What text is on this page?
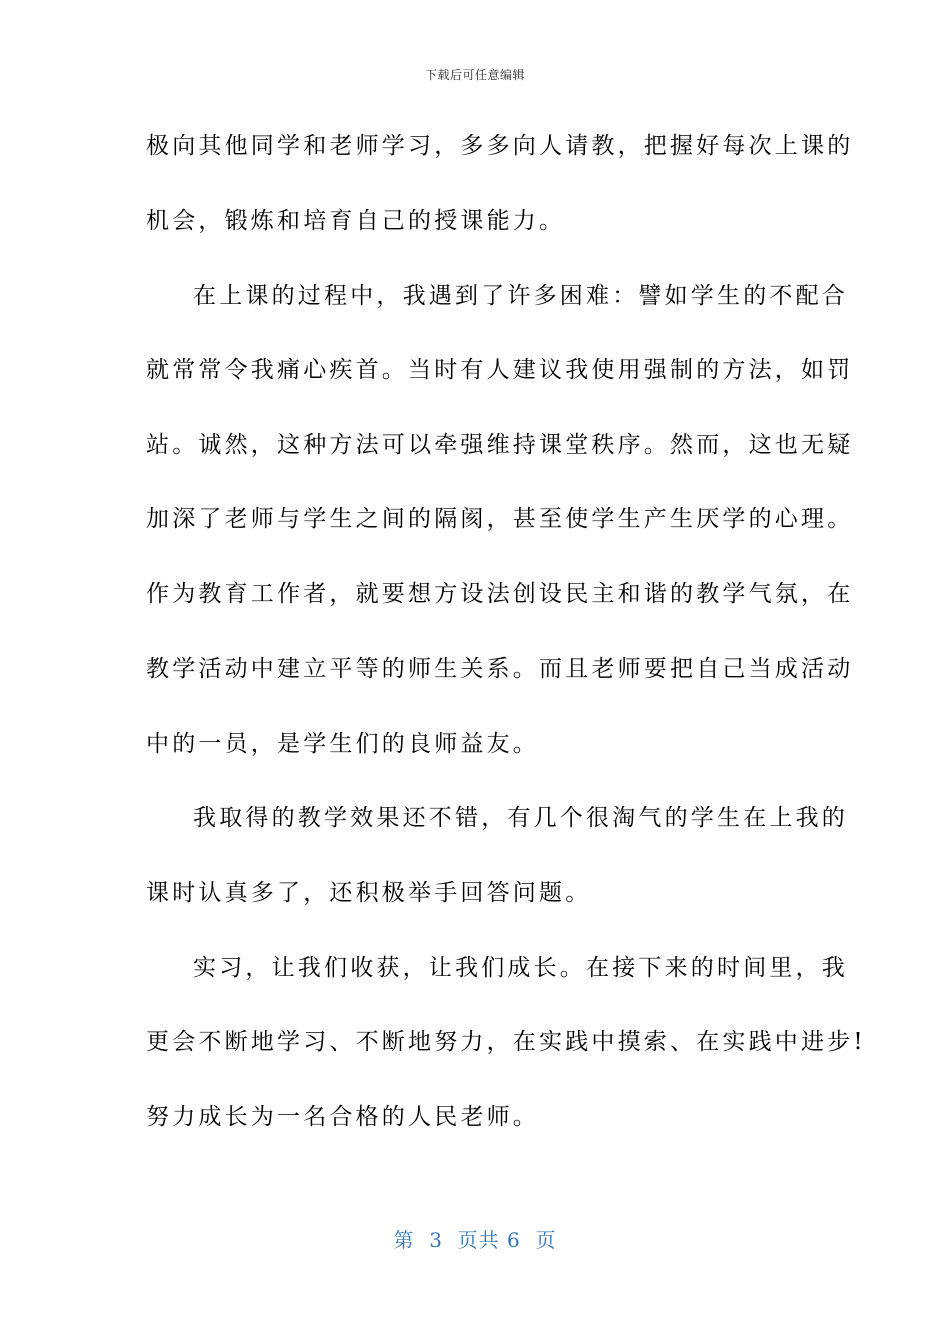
下载后可任意编辑
极向其他同学和老师学习，多多向人请教，把握好每次上课的
机会，锻炼和培育自己的授课能力。
在上课的过程中，我遇到了许多困难：譬如学生的不配合
就常常令我痛心疾首。当时有人建议我使用强制的方法，如罚
站。诚然，这种方法可以牵强维持课堂秩序。然而，这也无疑
加深了老师与学生之间的隔阂，甚至使学生产生厌学的心理。
作为教育工作者，就要想方设法创设民主和谐的教学气氛，在
教学活动中建立平等的师生关系。而且老师要把自己当成活动
中的一员，是学生们的良师益友。
我取得的教学效果还不错，有几个很淘气的学生在上我的
课时认真多了，还积极举手回答问题。
实习，让我们收获，让我们成长。在接下来的时间里，我
更会不断地学习、不断地努力，在实践中摸索、在实践中进步!
努力成长为一名合格的人民老师。
第  3  页共 6  页
